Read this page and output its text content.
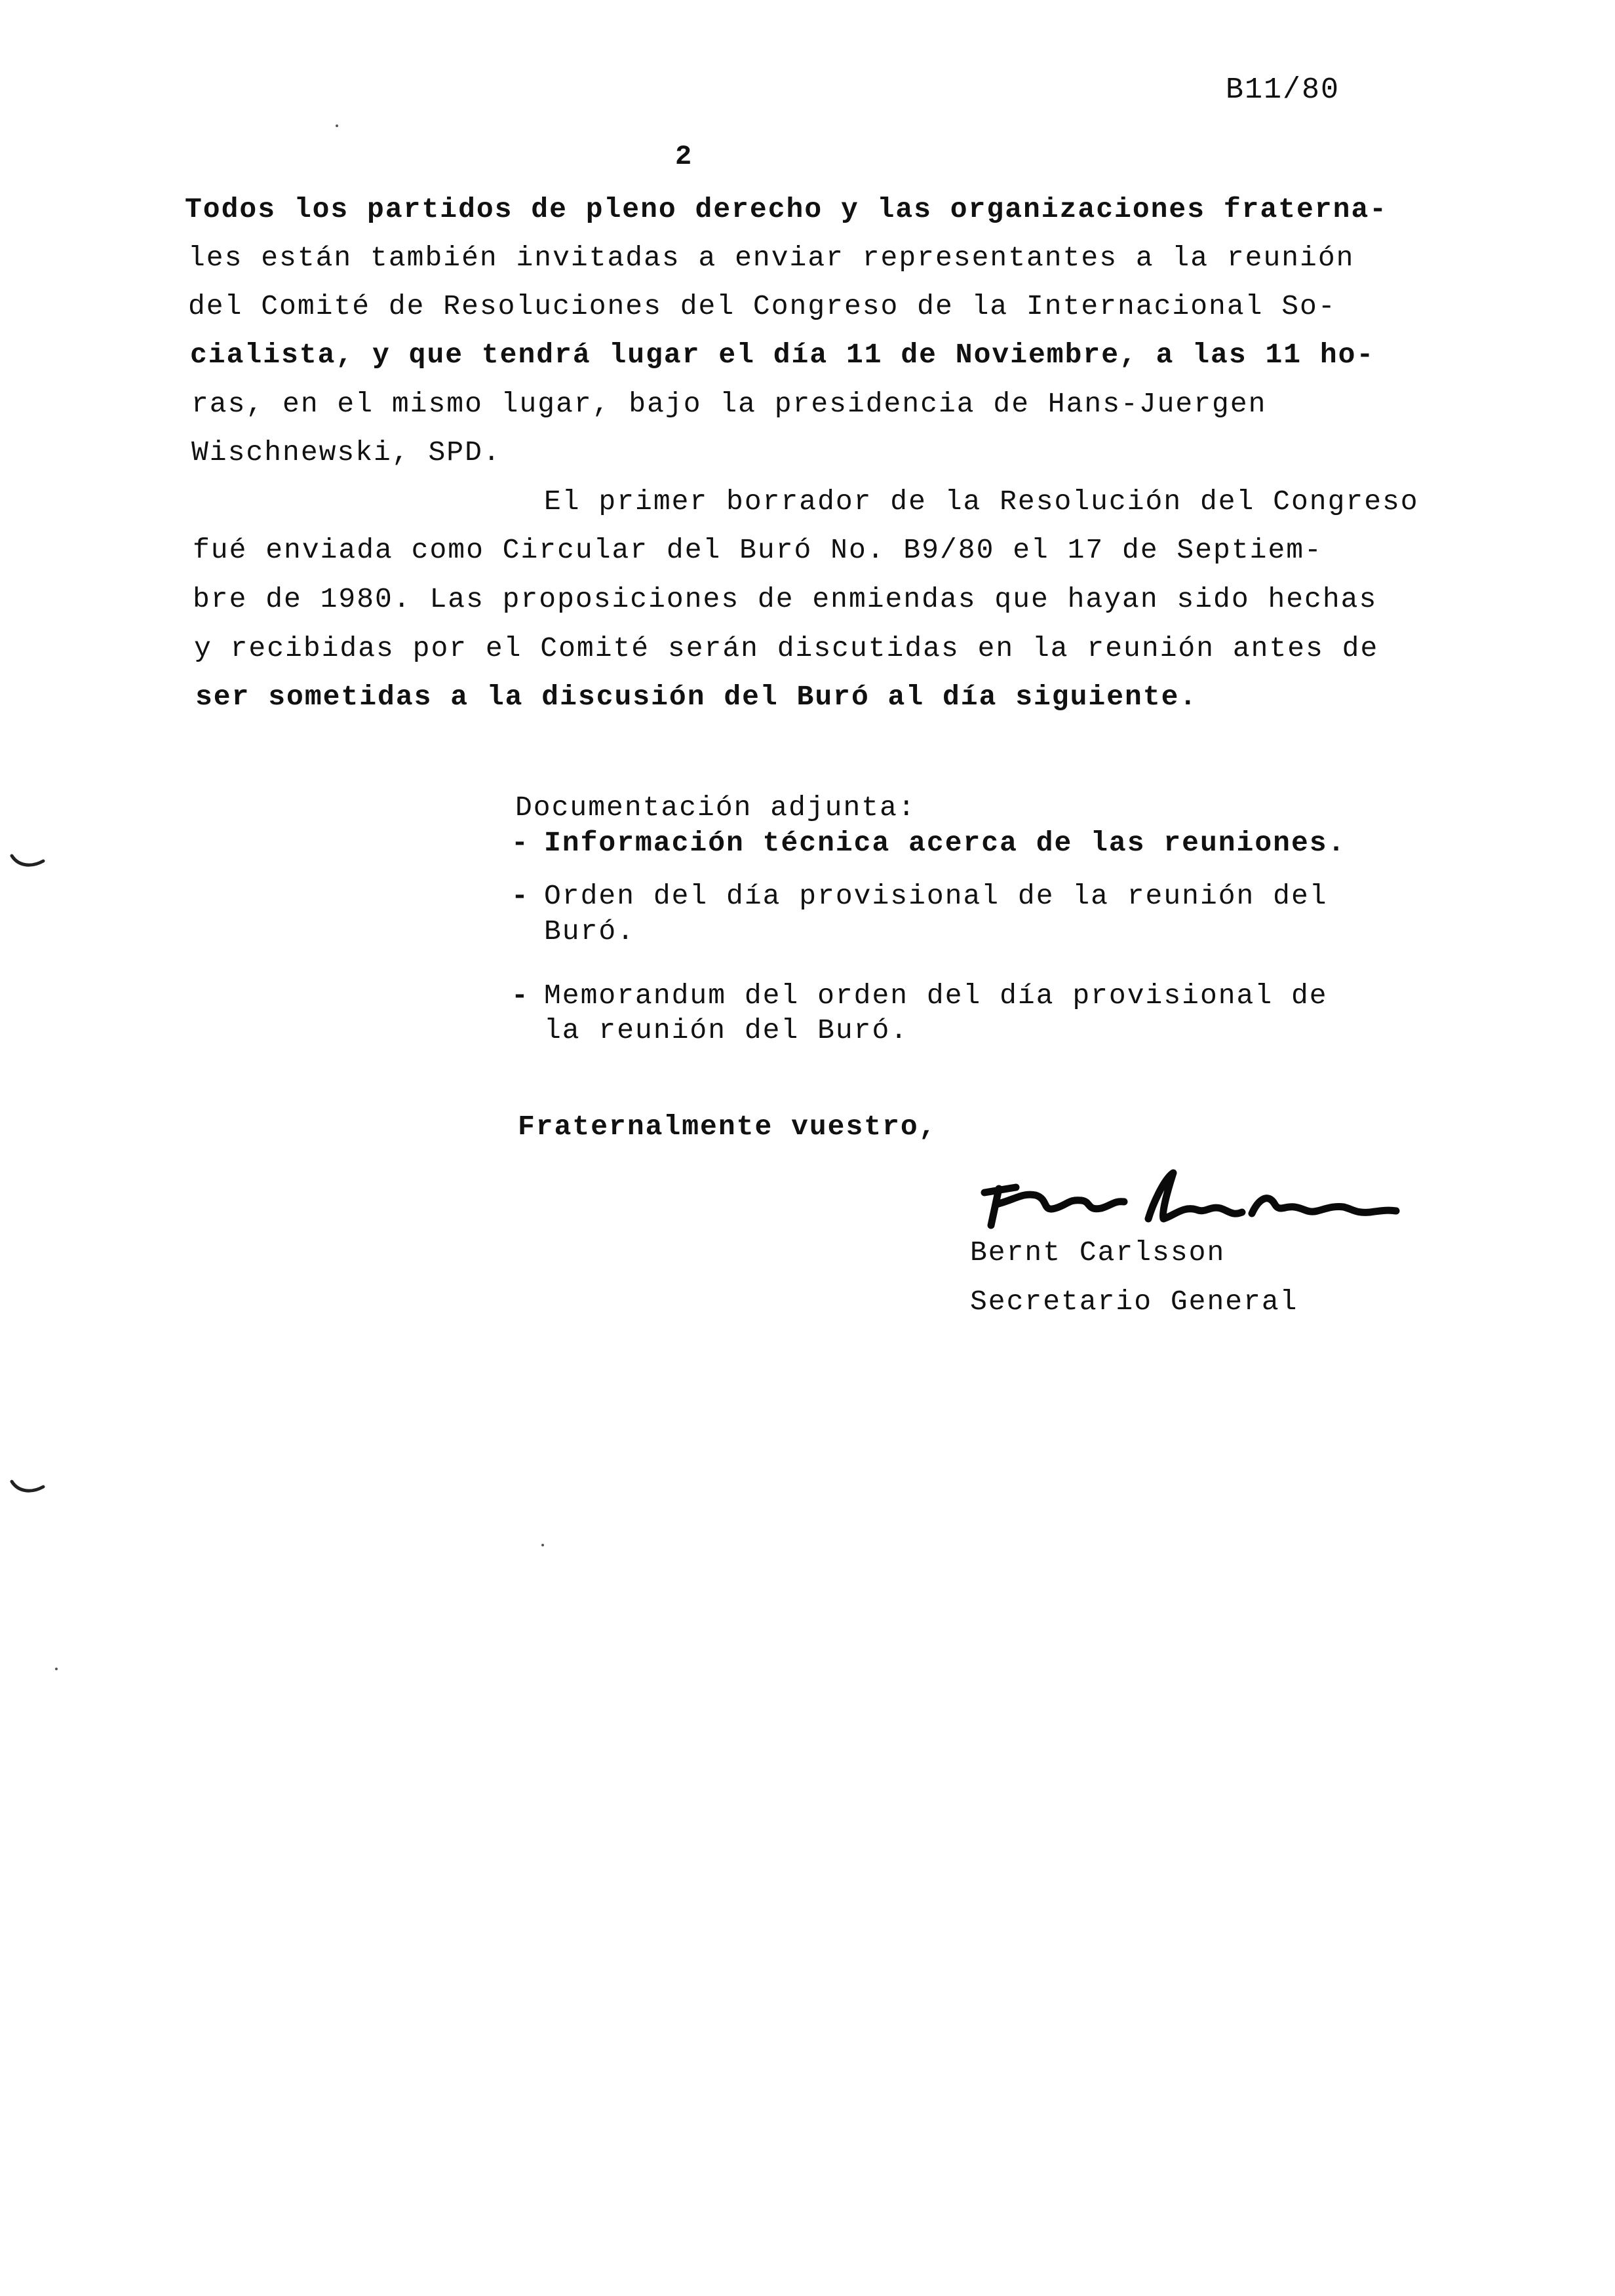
B11/80
2
Todos los partidos de pleno derecho y las organizaciones fraterna-
les están también invitadas a enviar representantes a la reunión
del Comité de Resoluciones del Congreso de la Internacional So-
cialista, y que tendrá lugar el día 11 de Noviembre, a las 11 ho-
ras, en el mismo lugar, bajo la presidencia de Hans-Juergen
Wischnewski, SPD.
El primer borrador de la Resolución del Congreso
fué enviada como Circular del Buró No. B9/80 el 17 de Septiem-
bre de 1980. Las proposiciones de enmiendas que hayan sido hechas
y recibidas por el Comité serán discutidas en la reunión antes de
ser sometidas a la discusión del Buró al día siguiente.
Documentación adjunta:
- Información técnica acerca de las reuniones.
- Orden del día provisional de la reunión del
Buró.
- Memorandum del orden del día provisional de
la reunión del Buró.
Fraternalmente vuestro,
Bernt Carlsson
Secretario General
